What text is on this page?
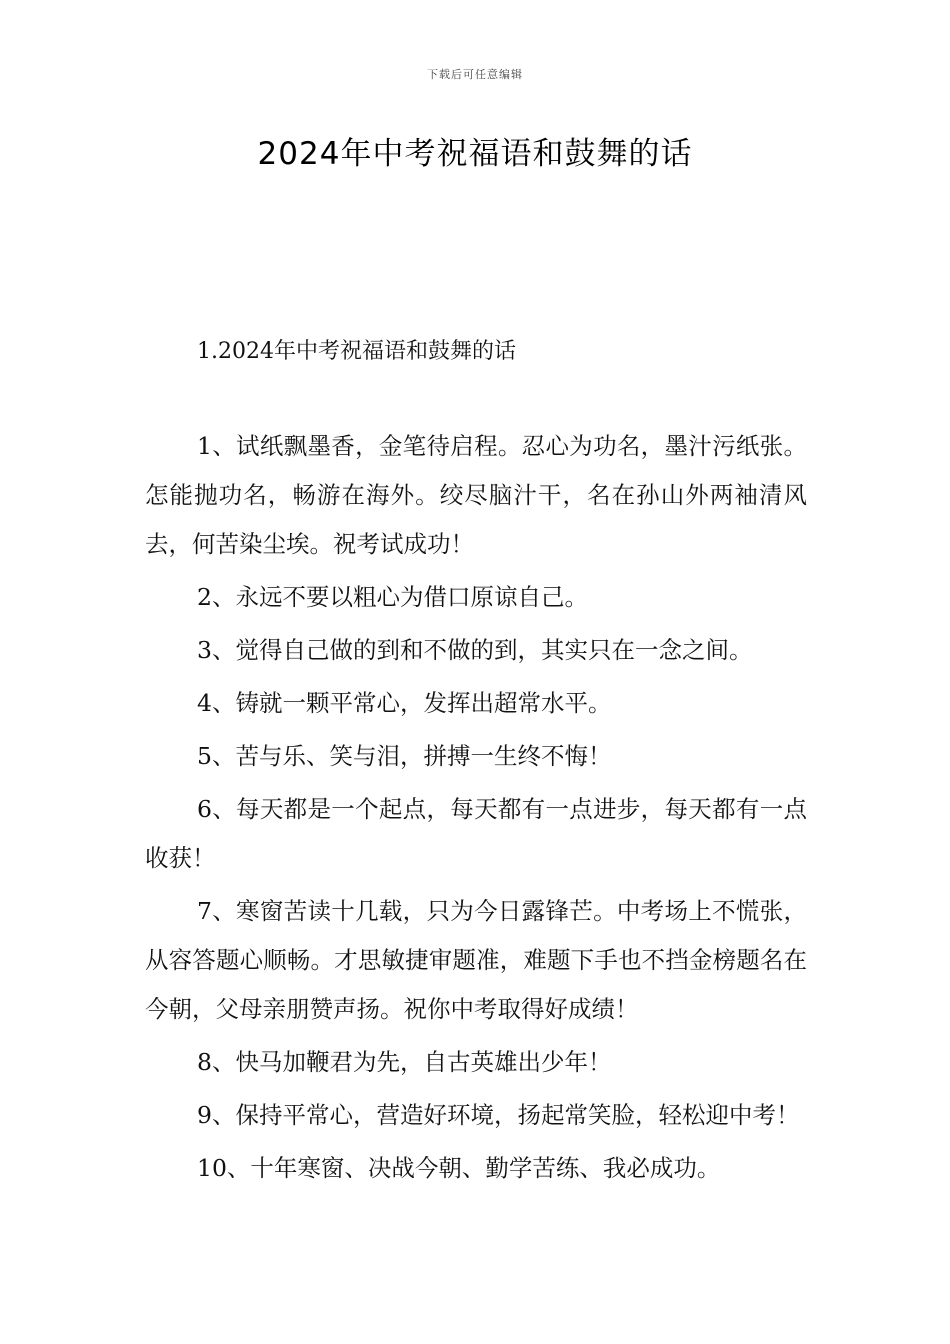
下载后可任意编辑
2024年中考祝福语和鼓舞的话
1.2024年中考祝福语和鼓舞的话

1、试纸飘墨香，金笔待启程。忍心为功名，墨汁污纸张。怎能抛功名，畅游在海外。绞尽脑汁干，名在孙山外两袖清风去，何苦染尘埃。祝考试成功！

2、永远不要以粗心为借口原谅自己。

3、觉得自己做的到和不做的到，其实只在一念之间。

4、铸就一颗平常心，发挥出超常水平。

5、苦与乐、笑与泪，拼搏一生终不悔！

6、每天都是一个起点，每天都有一点进步，每天都有一点收获！

7、寒窗苦读十几载，只为今日露锋芒。中考场上不慌张，从容答题心顺畅。才思敏捷审题准，难题下手也不挡金榜题名在今朝，父母亲朋赞声扬。祝你中考取得好成绩！

8、快马加鞭君为先，自古英雄出少年！

9、保持平常心，营造好环境，扬起常笑脸，轻松迎中考！

10、十年寒窗、决战今朝、勤学苦练、我必成功。
